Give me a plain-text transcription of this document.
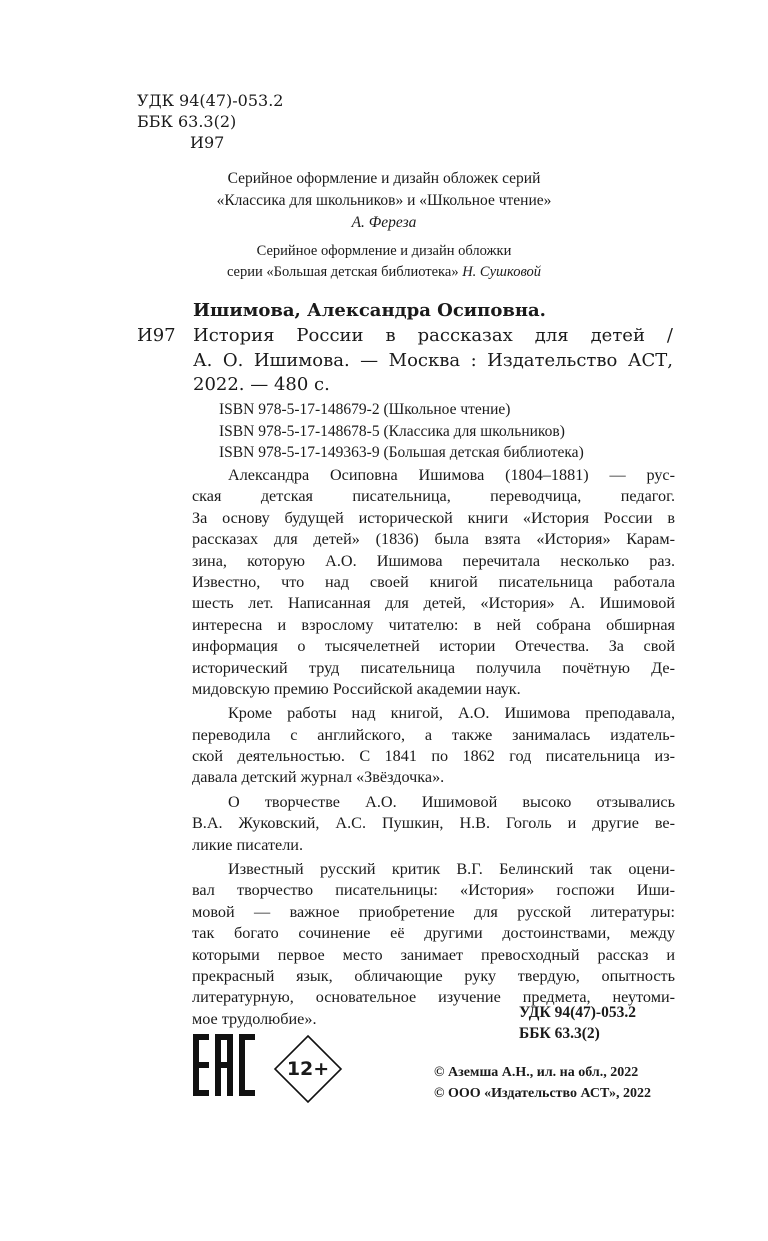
УДК 94(47)-053.2
ББК 63.3(2)
И97
Серийное оформление и дизайн обложек серий
«Классика для школьников» и «Школьное чтение»
А. Фереза
Серийное оформление и дизайн обложки
серии «Большая детская библиотека» Н. Сушковой
Ишимова, Александра Осиповна.
И97 История России в рассказах для детей /
А. О. Ишимова. — Москва : Издательство АСТ,
2022. — 480 с.
ISBN 978-5-17-148679-2 (Школьное чтение)
ISBN 978-5-17-148678-5 (Классика для школьников)
ISBN 978-5-17-149363-9 (Большая детская библиотека)
Александра Осиповна Ишимова (1804–1881) — рус-
ская детская писательница, переводчица, педагог.
За основу будущей исторической книги «История России в
рассказах для детей» (1836) была взята «История» Карам-
зина, которую А.О. Ишимова перечитала несколько раз.
Известно, что над своей книгой писательница работала
шесть лет. Написанная для детей, «История» А. Ишимовой
интересна и взрослому читателю: в ней собрана обширная
информация о тысячелетней истории Отечества. За свой
исторический труд писательница получила почётную Де-
мидовскую премию Российской академии наук.
Кроме работы над книгой, А.О. Ишимова преподавала,
переводила с английского, а также занималась издатель-
ской деятельностью. С 1841 по 1862 год писательница из-
давала детский журнал «Звёздочка».
О творчестве А.О. Ишимовой высоко отзывались
В.А. Жуковский, А.С. Пушкин, Н.В. Гоголь и другие ве-
ликие писатели.
Известный русский критик В.Г. Белинский так оцени-
вал творчество писательницы: «История» госпожи Иши-
мовой — важное приобретение для русской литературы:
так богато сочинение её другими достоинствами, между
которыми первое место занимает превосходный рассказ и
прекрасный язык, обличающие руку твердую, опытность
литературную, основательное изучение предмета, неутоми-
мое трудолюбие».	УДК 94(47)-053.2
ББК 63.3(2)
12+	© Аземша А.Н., ил. на обл., 2022
© ООО «Издательство АСТ», 2022
